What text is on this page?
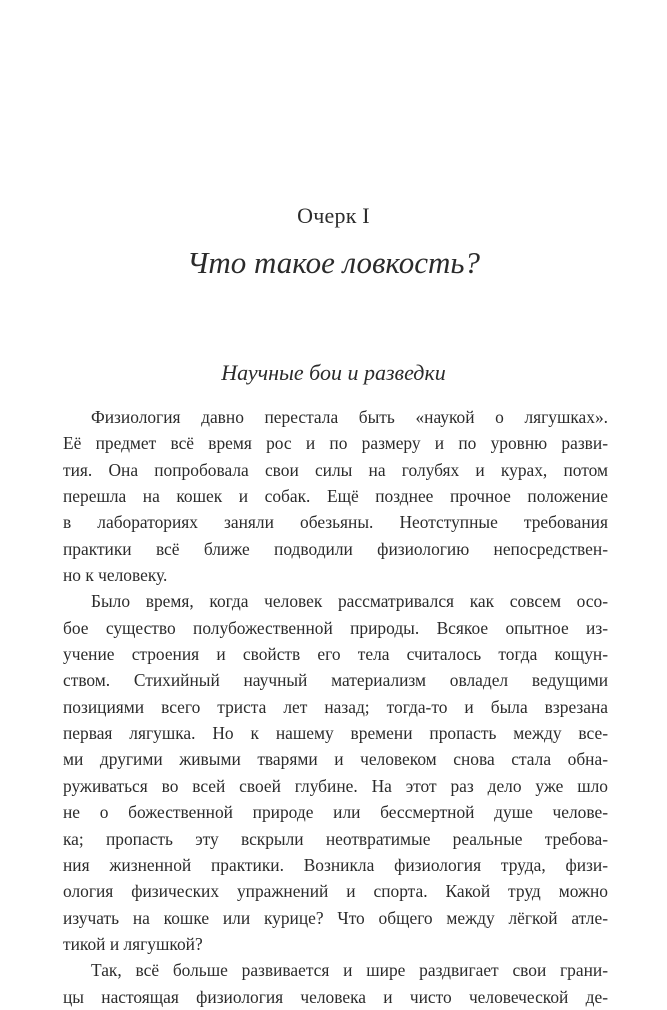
Очерк I
Что такое ловкость?
Научные бои и разведки
Физиология давно перестала быть «наукой о лягушках».
Её предмет всё время рос и по размеру и по уровню разви-
тия. Она попробовала свои силы на голубях и курах, потом
перешла на кошек и собак. Ещё позднее прочное положение
в лабораториях заняли обезьяны. Неотступные требования
практики всё ближе подводили физиологию непосредствен-
но к человеку.
Было время, когда человек рассматривался как совсем осо-
бое существо полубожественной природы. Всякое опытное из-
учение строения и свойств его тела считалось тогда кощун-
ством. Стихийный научный материализм овладел ведущими
позициями всего триста лет назад; тогда-то и была взрезана
первая лягушка. Но к нашему времени пропасть между все-
ми другими живыми тварями и человеком снова стала обна-
руживаться во всей своей глубине. На этот раз дело уже шло
не о божественной природе или бессмертной душе челове-
ка; пропасть эту вскрыли неотвратимые реальные требова-
ния жизненной практики. Возникла физиология труда, физи-
ология физических упражнений и спорта. Какой труд можно
изучать на кошке или курице? Что общего между лёгкой атле-
тикой и лягушкой?
Так, всё больше развивается и шире раздвигает свои грани-
цы настоящая физиология человека и чисто человеческой де-
